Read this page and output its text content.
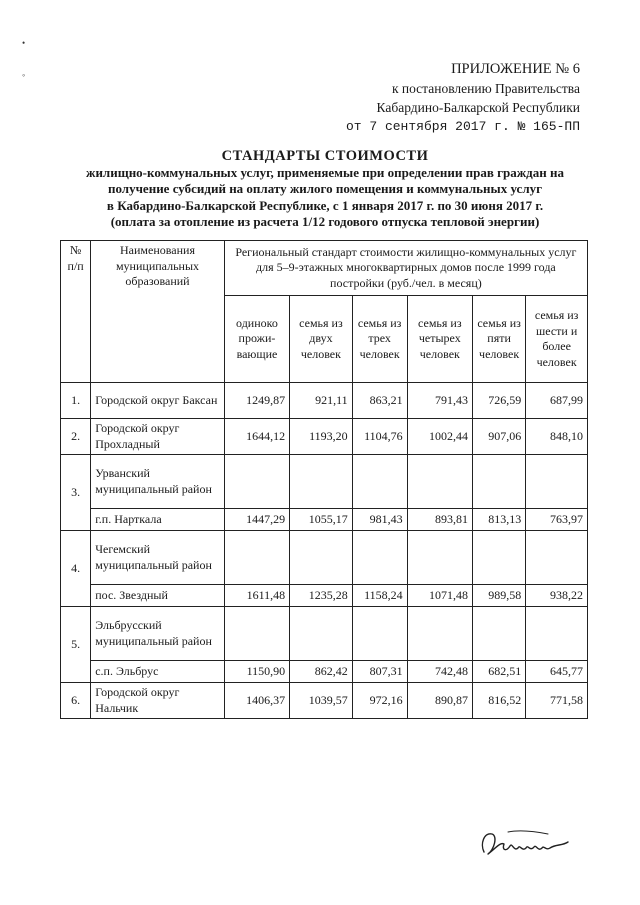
•
◦	ПРИЛОЖЕНИЕ № 6
к постановлению Правительства
Кабардино-Балкарской Республики
от 7 сентября 2017 г. № 165-ПП
СТАНДАРТЫ СТОИМОСТИ
жилищно-коммунальных услуг, применяемые при определении прав граждан на
получение субсидий на оплату жилого помещения и коммунальных услуг
в Кабардино-Балкарской Республике, с 1 января 2017 г. по 30 июня 2017 г.
(оплата за отопление из расчета 1/12 годового отпуска тепловой энергии)
№ п/п	Наименования муниципальных образований	Региональный стандарт стоимости жилищно-коммунальных услуг для 5–9-этажных многоквартирных домов после 1999 года постройки (руб./чел. в месяц)					
		одиноко прожи-вающие	семья из двух человек	семья из трех человек	семья из четырех человек	семья из пяти человек	семья из шести и более человек
1.	Городской округ Баксан	1249,87	921,11	863,21	791,43	726,59	687,99
2.	Городской округ Прохладный	1644,12	1193,20	1104,76	1002,44	907,06	848,10
3.	Урванский муниципальный район						
	г.п. Нарткала	1447,29	1055,17	981,43	893,81	813,13	763,97
4.	Чегемский муниципальный район						
	пос. Звездный	1611,48	1235,28	1158,24	1071,48	989,58	938,22
5.	Эльбрусский муниципальный район						
	с.п. Эльбрус	1150,90	862,42	807,31	742,48	682,51	645,77
6.	Городской округ Нальчик	1406,37	1039,57	972,16	890,87	816,52	771,58
